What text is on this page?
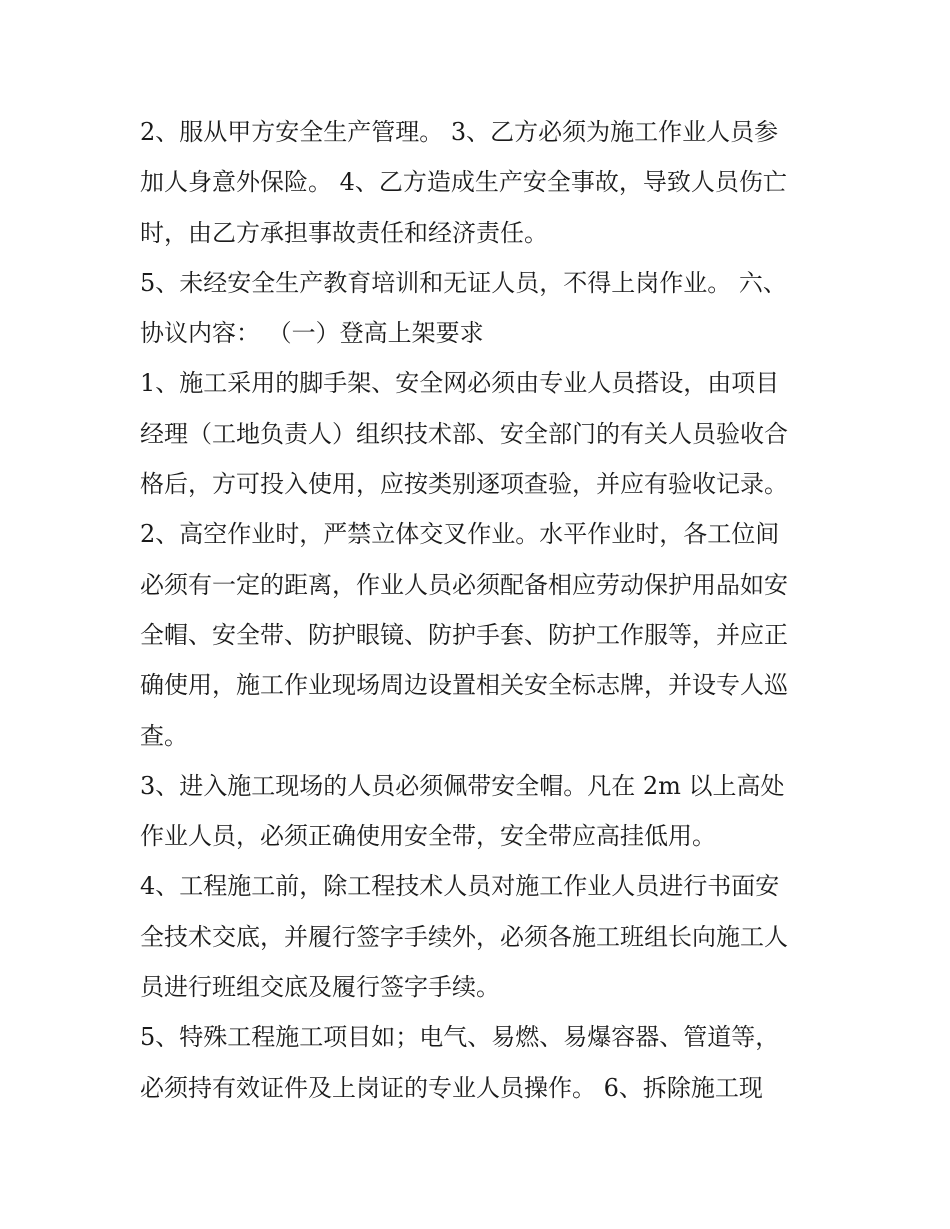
2、服从甲方安全生产管理。 3、乙方必须为施工作业人员参
加人身意外保险。 4、乙方造成生产安全事故，导致人员伤亡
时，由乙方承担事故责任和经济责任。
5、未经安全生产教育培训和无证人员，不得上岗作业。 六、
协议内容： （一）登高上架要求
1、施工采用的脚手架、安全网必须由专业人员搭设，由项目
经理（工地负责人）组织技术部、安全部门的有关人员验收合
格后，方可投入使用，应按类别逐项查验，并应有验收记录。
2、高空作业时，严禁立体交叉作业。水平作业时，各工位间
必须有一定的距离，作业人员必须配备相应劳动保护用品如安
全帽、安全带、防护眼镜、防护手套、防护工作服等，并应正
确使用，施工作业现场周边设置相关安全标志牌，并设专人巡
查。
3、进入施工现场的人员必须佩带安全帽。凡在 2m 以上高处
作业人员，必须正确使用安全带，安全带应高挂低用。
4、工程施工前，除工程技术人员对施工作业人员进行书面安
全技术交底，并履行签字手续外，必须各施工班组长向施工人
员进行班组交底及履行签字手续。
5、特殊工程施工项目如；电气、易燃、易爆容器、管道等，
必须持有效证件及上岗证的专业人员操作。 6、拆除施工现
